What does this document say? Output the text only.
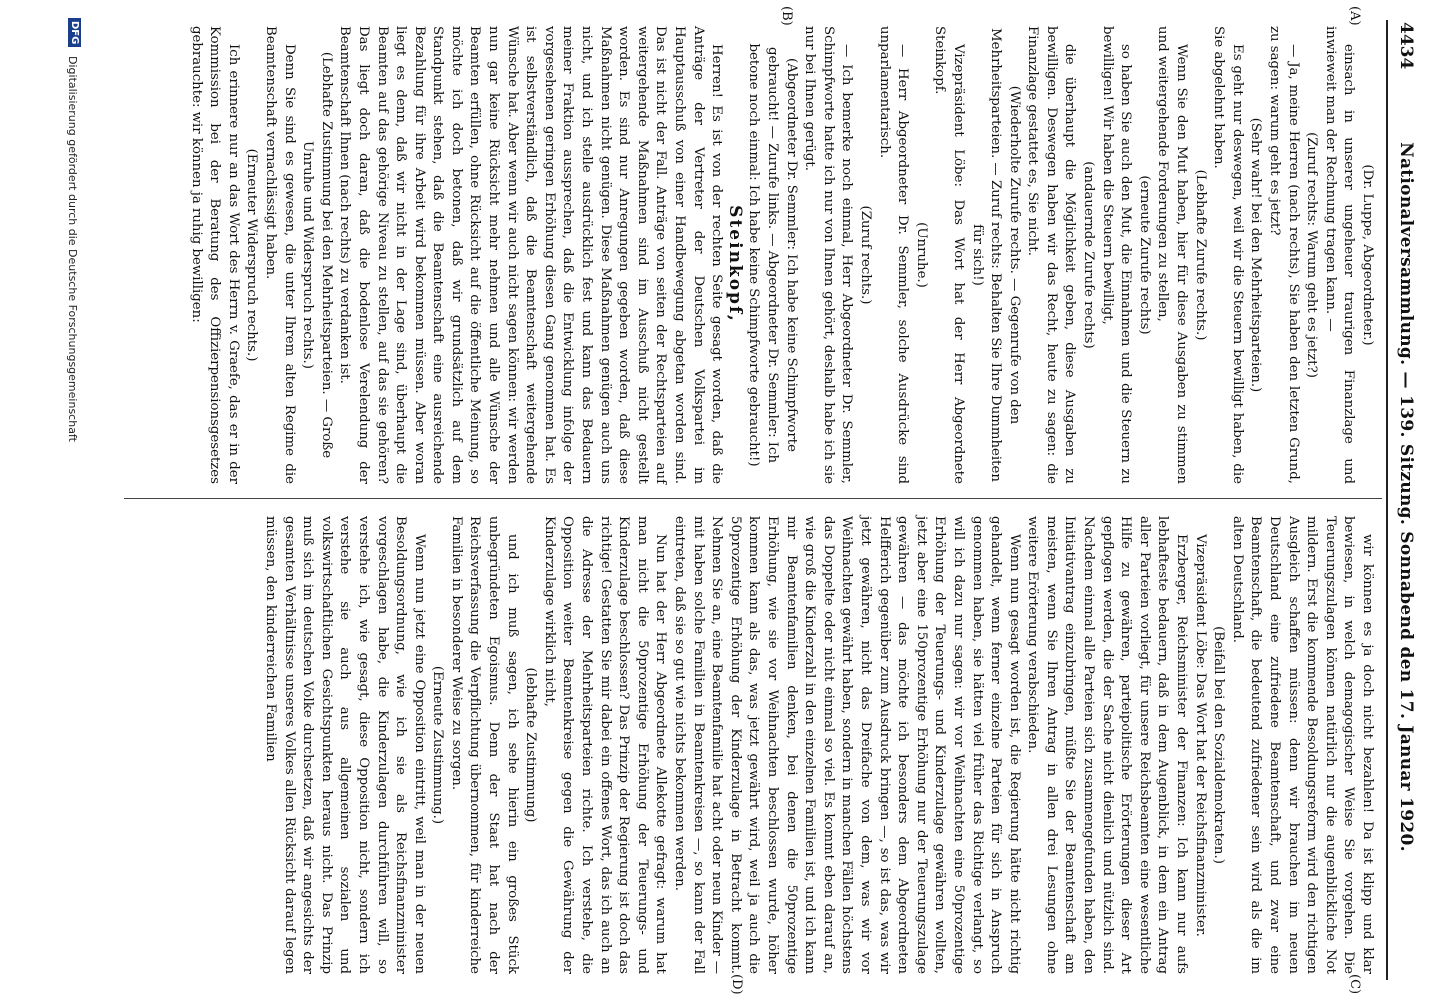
4434
Nationalversammlung. — 139. Sitzung. Sonnabend den 17. Januar 1920.
(A)
(B)
(C)
(D)

(Dr. Luppe, Abgeordneter.)

einsach in unserer ungeheuer traurigen Finanzlage und inwieweit man der Rechnung tragen kann. —

(Zuruf rechts: Warum geht es jetzt?)

— Ja, meine Herren (nach rechts), Sie haben den letzten Grund, zu sagen: warum geht es jetzt?

(Sehr wahr! bei den Mehrheitsparteien.)

Es geht nur deswegen, weil wir die Steuern bewilligt haben, die Sie abgelehnt haben.

(Lebhafte Zurufe rechts.)

Wenn Sie den Mut haben, hier für diese Ausgaben zu stimmen und weitergehende Forderungen zu stellen,

(erneute Zurufe rechts)

so haben Sie auch den Mut, die Einnahmen und die Steuern zu bewilligen! Wir haben die Steuern bewilligt,

(andauernde Zurufe rechts)

die überhaupt die Möglichkeit geben, diese Ausgaben zu bewilligen. Deswegen haben wir das Recht, heute zu sagen: die Finanzlage gestattet es, Sie nicht.

(Wiederholte Zurufe rechts. — Gegenrufe von den Mehrheitsparteien. — Zuruf rechts: Behalten Sie Ihre Dummheiten für sich!)

Vizepräsident Löbe: Das Wort hat der Herr Abgeordnete Steinkopf.

(Unruhe.)

— Herr Abgeordneter Dr. Semmler, solche Ausdrücke sind unparlamentarisch.

(Zuruf rechts.)

— Ich bemerke noch einmal, Herr Abgeordneter Dr. Semmler, Schimpfworte hatte ich nur von Ihnen gehört, deshalb habe ich sie nur bei Ihnen gerügt.

(Abgeordneter Dr. Semmler: Ich habe keine Schimpfworte gebraucht! — Zurufe links. — Abgeordneter Dr. Semmler: Ich betone noch einmal: Ich habe keine Schimpfworte gebraucht!)

Steinkopf,

Herren! Es ist von der rechten Seite gesagt worden, daß die Anträge der Vertreter der Deutschen Volkspartei im Hauptausschuß von einer Handbewegung abgetan worden sind. Das ist nicht der Fall. Anträge von seiten der Rechtsparteien auf weitergehende Maßnahmen sind im Ausschuß nicht gestellt worden. Es sind nur Anregungen gegeben worden, daß diese Maßnahmen nicht genügen. Diese Maßnahmen genügen auch uns nicht, und ich stelle ausdrücklich fest und kann das Bedauern meiner Fraktion aussprechen, daß die Entwicklung infolge der vorgesehenen geringen Erhöhung diesen Gang genommen hat. Es ist selbstverständlich, daß die Beamtenschaft weitergehende Wünsche hat. Aber wenn wir auch nicht sagen können: wir werden nun gar keine Rücksicht mehr nehmen und alle Wünsche der Beamten erfüllen, ohne Rücksicht auf die öffentliche Meinung, so möchte ich doch betonen, daß wir grundsätzlich auf dem Standpunkt stehen, daß die Beamtenschaft eine ausreichende Bezahlung für ihre Arbeit wird bekommen müssen. Aber woran liegt es denn, daß wir nicht in der Lage sind, überhaupt die Beamten auf das gehörige Niveau zu stellen, auf das sie gehören? Das liegt doch daran, daß die bodenlose Verelendung der Beamtenschaft Ihnen (nach rechts) zu verdanken ist.

(Lebhafte Zustimmung bei den Mehrheitsparteien. — Große Unruhe und Widerspruch rechts.)

Denn Sie sind es gewesen, die unter Ihrem alten Regime die Beamtenschaft vernachlässigt haben.

(Erneuter Widerspruch rechts.)

Ich erinnere nur an das Wort des Herrn v. Graefe, das er in der Kommission bei der Beratung des Offizierpensionsgesetzes gebrauchte: wir können ja ruhig bewilligen:

wir können es ja doch nicht bezahlen! Da ist klipp und klar bewiesen, in welch demagogischer Weise Sie vorgehen. Die Teuerungszulagen können natürlich nur die augenblickliche Not mildern. Erst die kommende Besoldungsreform wird den richtigen Ausgleich schaffen müssen: denn wir brauchen im neuen Deutschland eine zufriedene Beamtenschaft, und zwar eine Beamtenschaft, die bedeutend zufriedener sein wird als die im alten Deutschland.

(Beifall bei den Sozialdemokraten.)

Vizepräsident Löbe: Das Wort hat der Reichsfinanzminister.

Erzberger, Reichsminister der Finanzen: Ich kann nur aufs lebhafteste bedauern, daß in dem Augenblick, in dem ein Antrag aller Parteien vorliegt, für unsere Reichsbeamten eine wesentliche Hilfe zu gewähren, parteipolitische Erörterungen dieser Art gepflogen werden, die der Sache nicht dienlich und nützlich sind. Nachdem einmal alle Parteien sich zusammengefunden haben, den Initiativantrag einzubringen, müßte Sie der Beamtenschaft am meisten, wenn Sie Ihren Antrag in allen drei Lesungen ohne weitere Erörterung verabschieden.

Wenn nun gesagt worden ist, die Regierung hätte nicht richtig gehandelt, wenn ferner einzelne Parteien für sich in Anspruch genommen haben, sie hätten viel früher das Richtige verlangt, so will ich dazu nur sagen: wir vor Weihnachten eine 50prozentige Erhöhung der Teuerungs- und Kinderzulage gewähren wollten, jetzt aber eine 150prozentige Erhöhung nur der Teuerungszulage gewähren — das möchte ich besonders dem Abgeordneten Helfferich gegenüber zum Ausdruck bringen —, so ist das, was wir jetzt gewähren, nicht das Dreifache von dem, was wir vor Weihnachten gewährt haben, sondern in manchen Fällen höchstens das Doppelte oder nicht einmal so viel. Es kommt eben darauf an, wie groß die Kinderzahl in den einzelnen Familien ist, und ich kann mir Beamtenfamilien denken, bei denen die 50prozentige Erhöhung, wie sie vor Weihnachten beschlossen wurde, höher kommen kann als das, was jetzt gewährt wird, weil ja auch die 50prozentige Erhöhung der Kinderzulage in Betracht kommt. Nehmen Sie an, eine Beamtenfamilie hat acht oder neun Kinder — mit haben solche Familien in Beamtenkreisen —, so kann der Fall eintreten, daß sie so gut wie nichts bekommen werden.

Nun hat der Herr Abgeordnete Allekotte gefragt: warum hat man nicht die 50prozentige Erhöhung der Teuerungs- und Kinderzulage beschlossen? Das Prinzip der Regierung ist doch das richtige! Gestatten Sie mir dabei ein offenes Wort, das ich auch an die Adresse der Mehrheitsparteien richte. Ich verstehe, die Opposition weiter Beamtenkreise gegen die Gewährung der Kinderzulage wirklich nicht,

(lebhafte Zustimmung)

und ich muß sagen, ich sehe hierin ein großes Stück unbegründeten Egoismus. Denn der Staat hat nach der Reichsverfassung die Verpflichtung übernommen, für kinderreiche Familien in besonderer Weise zu sorgen.

(Erneute Zustimmung.)

Wenn nun jetzt eine Opposition eintritt, weil man in der neuen Besoldungsordnung, wie ich sie als Reichsfinanzminister vorgeschlagen habe, die Kinderzulagen durchführen will, so verstehe ich, wie gesagt, diese Opposition nicht, sondern ich verstehe sie auch aus allgemeinen sozialen und volkswirtschaftlichen Gesichtspunkten heraus nicht. Das Prinzip muß sich im deutschen Volke durchsetzen, daß wir angesichts der gesamten Verhältnisse unseres Volkes allen Rücksicht darauf legen müssen, den kinderreichen Familien

DFG
Digitalisierung gefördert durch die Deutsche Forschungsgemeinschaft
